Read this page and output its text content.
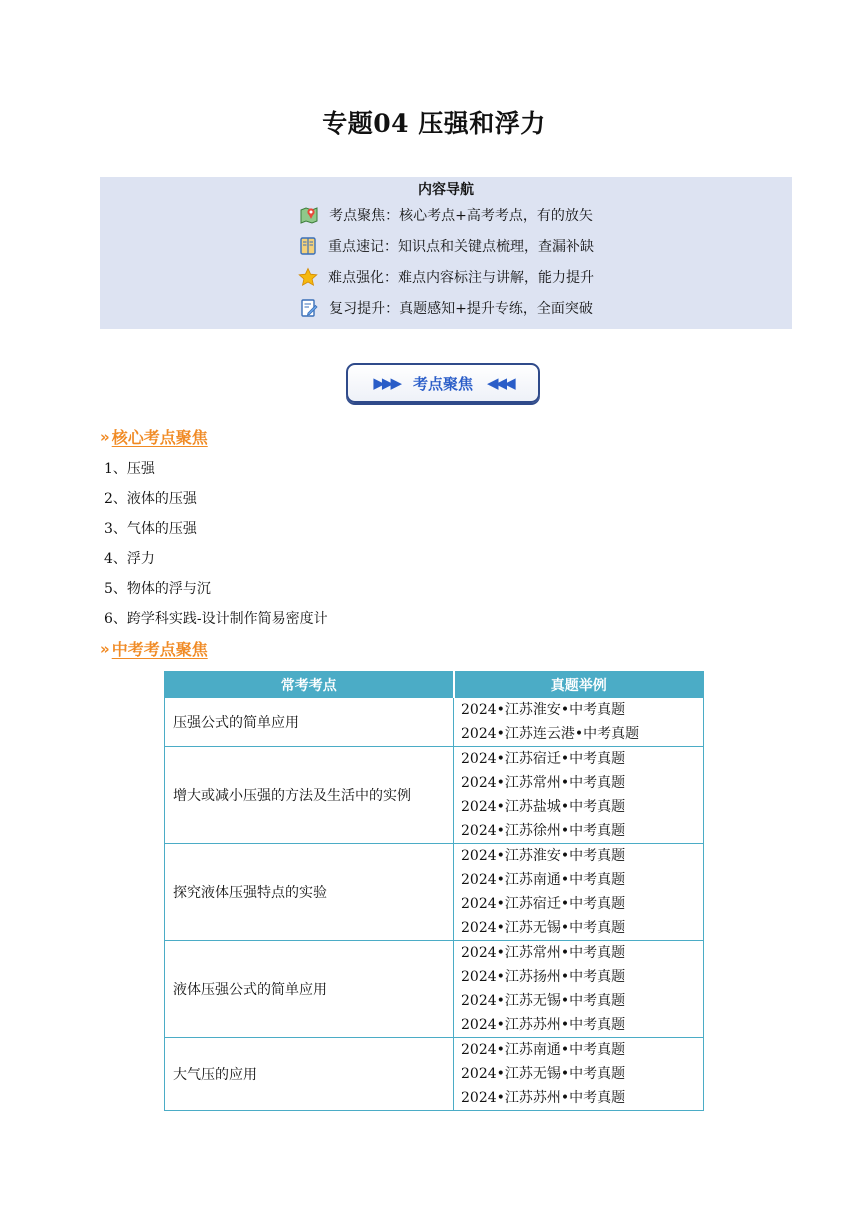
专题04 压强和浮力
内容导航
考点聚焦：核心考点+高考考点，有的放矢
重点速记：知识点和关键点梳理，查漏补缺
难点强化：难点内容标注与讲解，能力提升
复习提升：真题感知+提升专练，全面突破
▶▶▶ 考点聚焦 ◀◀◀
» 核心考点聚焦
1、压强
2、液体的压强
3、气体的压强
4、浮力
5、物体的浮与沉
6、跨学科实践-设计制作简易密度计
» 中考考点聚焦
常考考点	真题举例
压强公式的简单应用	2024•江苏淮安•中考真题
2024•江苏连云港•中考真题

增大或减小压强的方法及生活中的实例	2024•江苏宿迁•中考真题
2024•江苏常州•中考真题
2024•江苏盐城•中考真题
2024•江苏徐州•中考真题

探究液体压强特点的实验	2024•江苏淮安•中考真题
2024•江苏南通•中考真题
2024•江苏宿迁•中考真题
2024•江苏无锡•中考真题

液体压强公式的简单应用	2024•江苏常州•中考真题
2024•江苏扬州•中考真题
2024•江苏无锡•中考真题
2024•江苏苏州•中考真题

大气压的应用	2024•江苏南通•中考真题
2024•江苏无锡•中考真题
2024•江苏苏州•中考真题
